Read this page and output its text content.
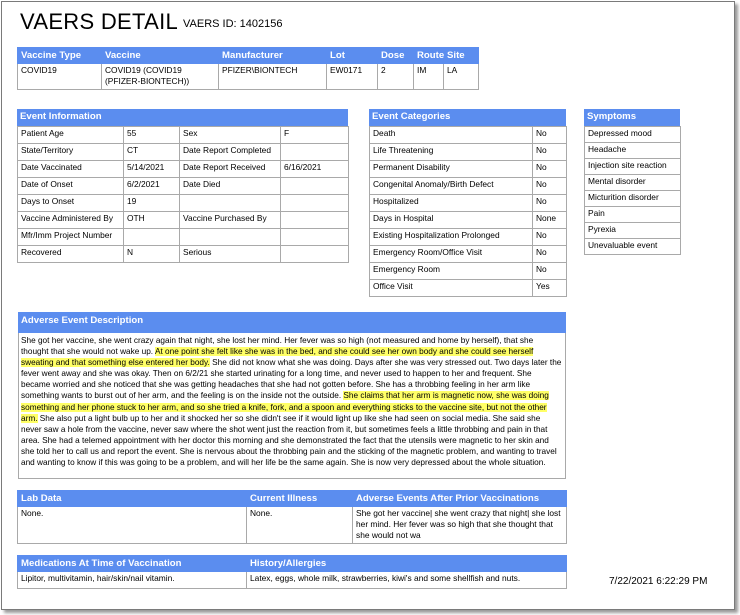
VAERS DETAIL VAERS ID: 1402156
Vaccine Type	Vaccine	Manufacturer	Lot	Dose	Route	Site
COVID19	COVID19 (COVID19 (PFIZER-BIONTECH))	PFIZER\BIONTECH	EW0171	2	IM	LA
Event Information
Patient Age	55	Sex	F
State/Territory	CT	Date Report Completed	
Date Vaccinated	5/14/2021	Date Report Received	6/16/2021
Date of Onset	6/2/2021	Date Died	
Days to Onset	19		
Vaccine Administered By	OTH	Vaccine Purchased By	
Mfr/Imm Project Number			
Recovered	N	Serious	
Event Categories
Death	No
Life Threatening	No
Permanent Disability	No
Congenital Anomaly/Birth Defect	No
Hospitalized	No
Days in Hospital	None
Existing Hospitalization Prolonged	No
Emergency Room/Office Visit	No
Emergency Room	No
Office Visit	Yes
Symptoms
Depressed mood
Headache
Injection site reaction
Mental disorder
Micturition disorder
Pain
Pyrexia
Unevaluable event
Adverse Event Description
She got her vaccine, she went crazy again that night, she lost her mind. Her fever was so high (not measured and home by herself), that she thought that she would not wake up. At one point she felt like she was in the bed, and she could see her own body and she could see herself sweating and that something else entered her body. She did not know what she was doing. Days after she was very stressed out. Two days later the fever went away and she was okay. Then on 6/2/21 she started urinating for a long time, and never used to happen to her and frequent. She became worried and she noticed that she was getting headaches that she had not gotten before. She has a throbbing feeling in her arm like something wants to burst out of her arm, and the feeling is on the inside not the outside. She claims that her arm is magnetic now, she was doing something and her phone stuck to her arm, and so she tried a knife, fork, and a spoon and everything sticks to the vaccine site, but not the other arm. She also put a light bulb up to her and it shocked her so she didn't see if it would light up like she had seen on social media. She said she never saw a hole from the vaccine, never saw where the shot went just the reaction from it, but sometimes feels a little throbbing and pain in that area. She had a telemed appointment with her doctor this morning and she demonstrated the fact that the utensils were magnetic to her skin and she told her to call us and report the event. She is nervous about the throbbing pain and the sticking of the magnetic problem, and wanting to travel and wanting to know if this was going to be a problem, and will her life be the same again. She is now very depressed about the whole situation.
Lab Data	Current Illness	Adverse Events After Prior Vaccinations
None.	None.	She got her vaccine| she went crazy that night| she lost her mind. Her fever was so high that she thought that she would not wa
Medications At Time of Vaccination	History/Allergies
Lipitor, multivitamin, hair/skin/nail vitamin.	Latex, eggs, whole milk, strawberries, kiwi's and some shellfish and nuts.	7/22/2021 6:22:29 PM
